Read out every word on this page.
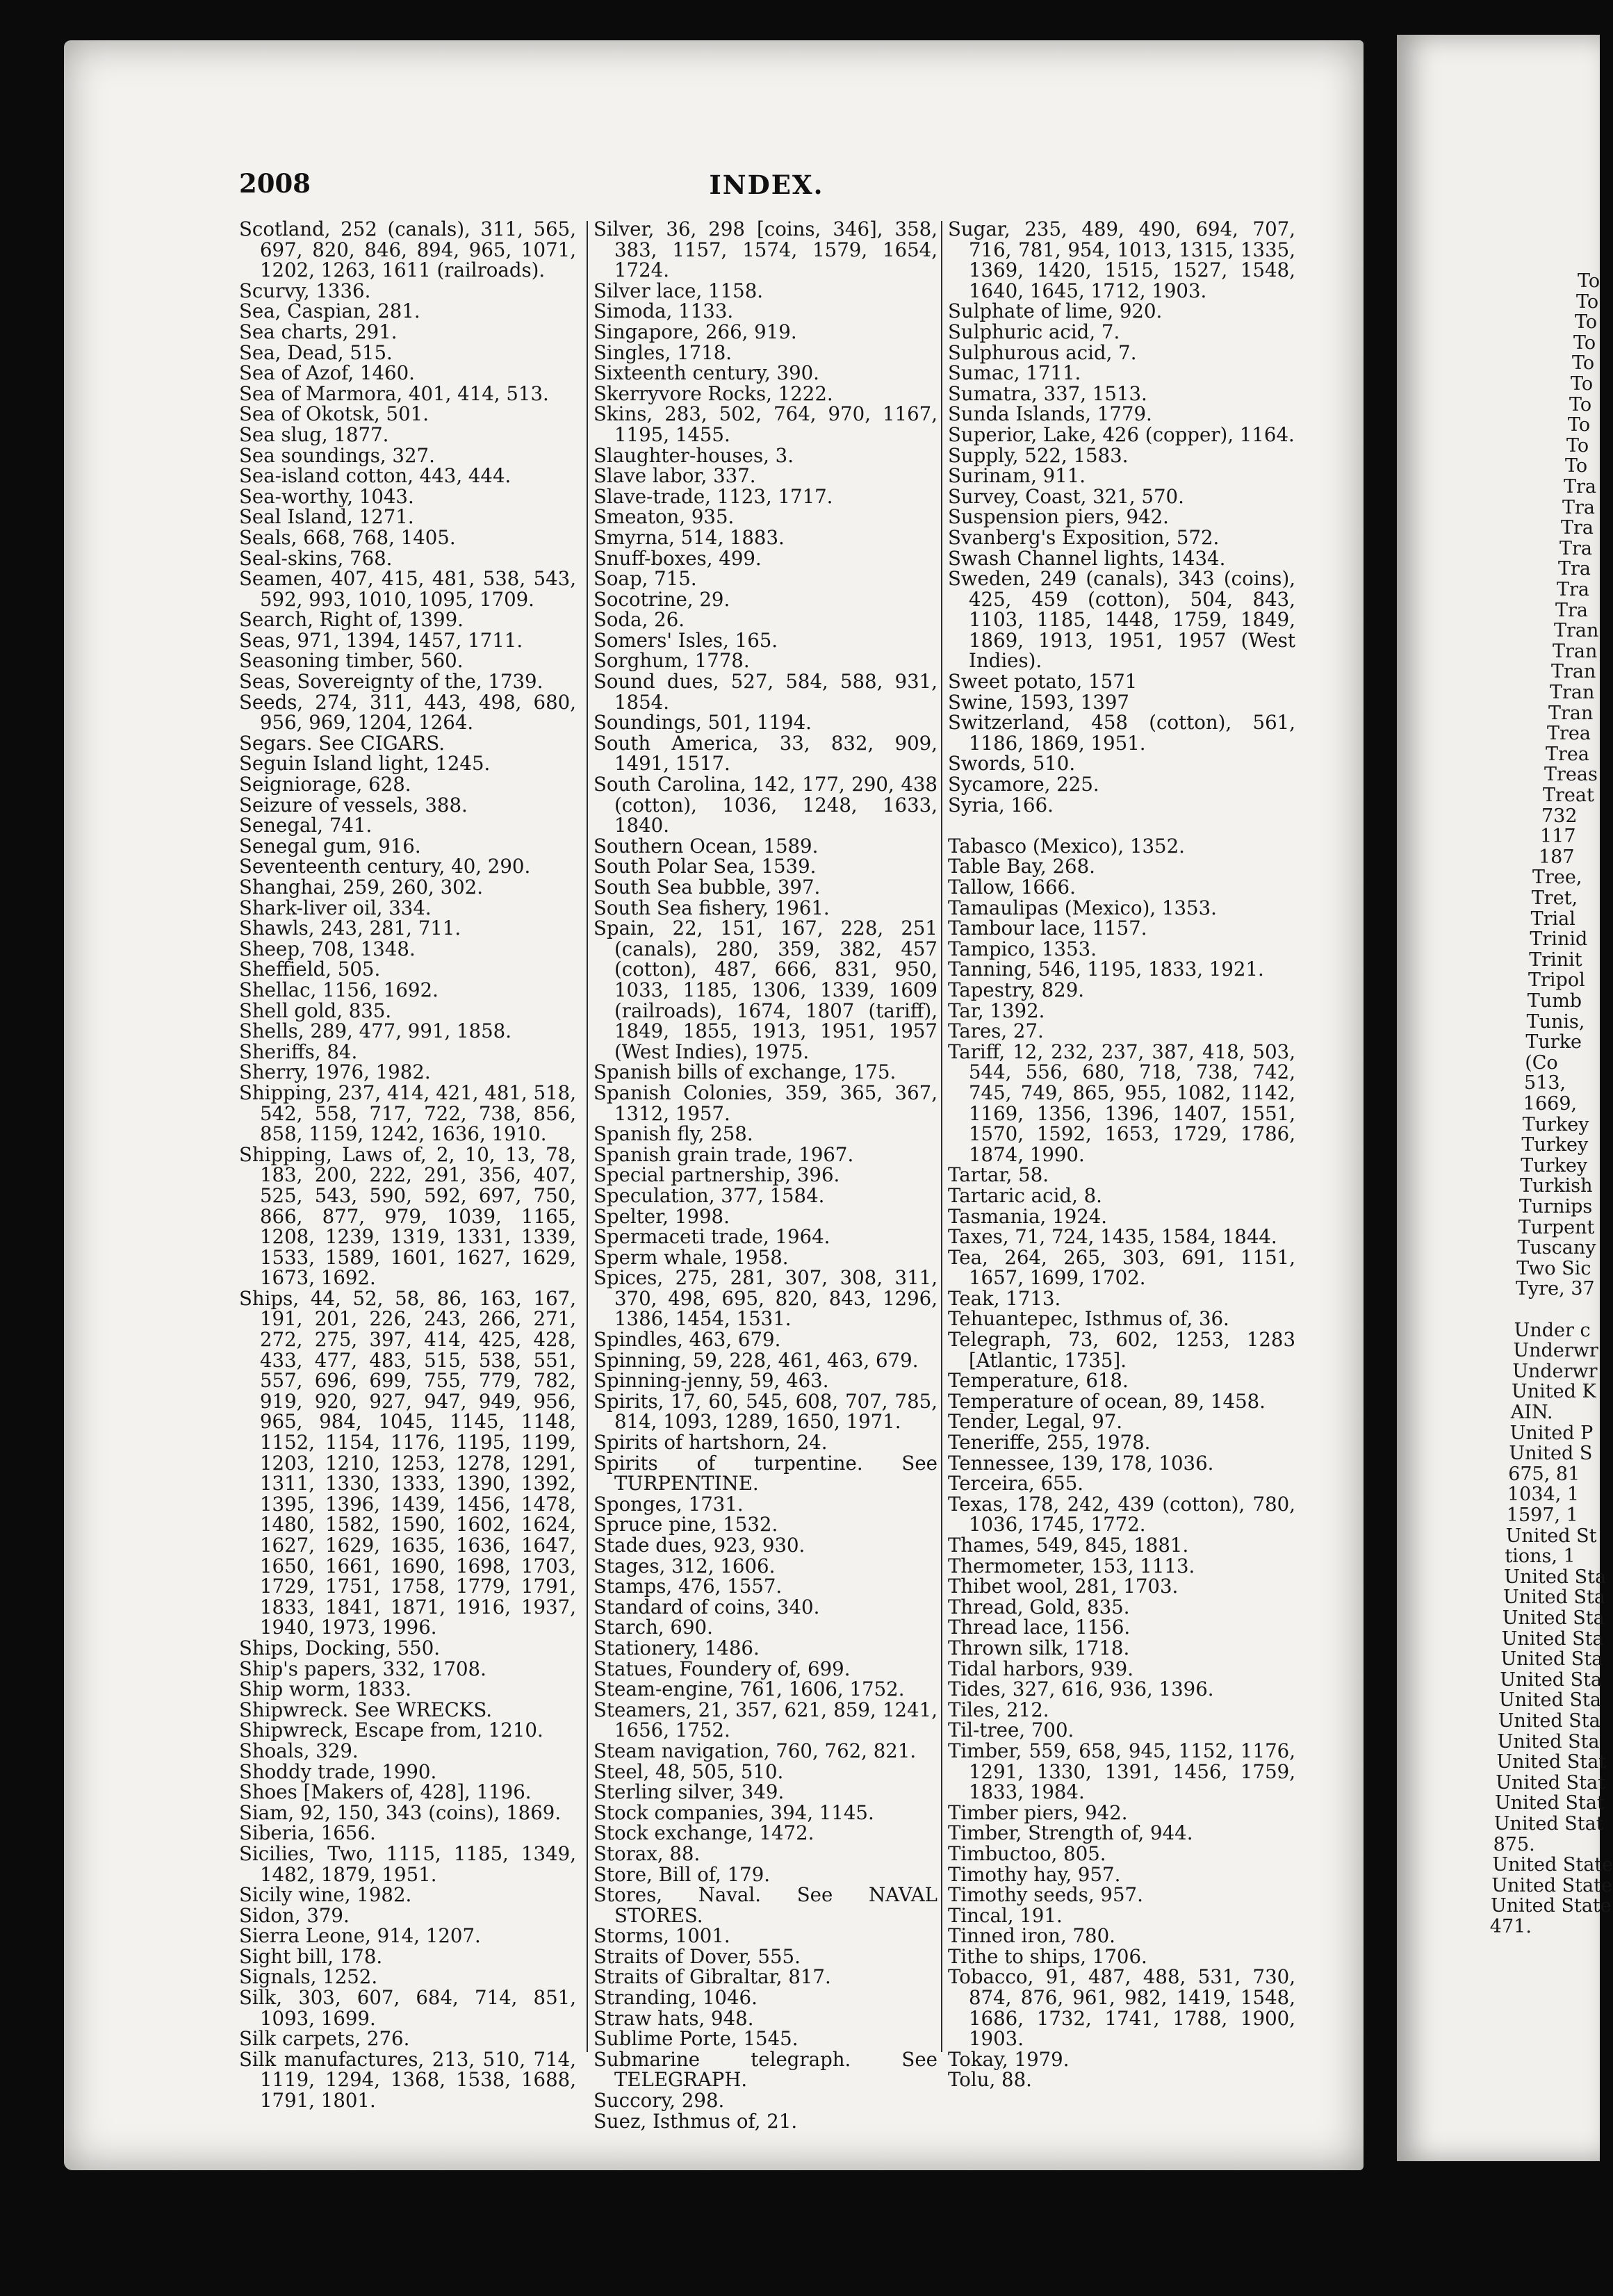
To
To
To
To
To
To
To
To
To
To
Tra
Tra
Tra
Tra
Tra
Tra
Tra
Tran
Tran
Tran
Tran
Tran
Trea
Trea
Treas
Treat
732
117
187
Tree,
Tret,
Trial
Trinid
Trinit
Tripol
Tumb
Tunis,
Turke
(Co
513,
1669,
Turkey
Turkey
Turkey
Turkish
Turnips
Turpent
Tuscany
Two Sic
Tyre, 37
Under c
Underwr
Underwr
United K
AIN.
United P
United S
675, 81
1034, 1
1597, 1
United St
tions, 1
United Sta
United Sta
United Sta
United Sta
United Sta
United Sta
United Sta
United Sta
United Sta
United Stat
United Stat
United Stat
United Stat
875.
United State
United State
United State
471.
2008	INDEX.

Scotland, 252 (canals), 311, 565, 697, 820, 846, 894, 965, 1071, 1202, 1263, 1611 (railroads).

Scurvy, 1336.

Sea, Caspian, 281.

Sea charts, 291.

Sea, Dead, 515.

Sea of Azof, 1460.

Sea of Marmora, 401, 414, 513.

Sea of Okotsk, 501.

Sea slug, 1877.

Sea soundings, 327.

Sea-island cotton, 443, 444.

Sea-worthy, 1043.

Seal Island, 1271.

Seals, 668, 768, 1405.

Seal-skins, 768.

Seamen, 407, 415, 481, 538, 543, 592, 993, 1010, 1095, 1709.

Search, Right of, 1399.

Seas, 971, 1394, 1457, 1711.

Seasoning timber, 560.

Seas, Sovereignty of the, 1739.

Seeds, 274, 311, 443, 498, 680, 956, 969, 1204, 1264.

Segars. See CIGARS.

Seguin Island light, 1245.

Seigniorage, 628.

Seizure of vessels, 388.

Senegal, 741.

Senegal gum, 916.

Seventeenth century, 40, 290.

Shanghai, 259, 260, 302.

Shark-liver oil, 334.

Shawls, 243, 281, 711.

Sheep, 708, 1348.

Sheffield, 505.

Shellac, 1156, 1692.

Shell gold, 835.

Shells, 289, 477, 991, 1858.

Sheriffs, 84.

Sherry, 1976, 1982.

Shipping, 237, 414, 421, 481, 518, 542, 558, 717, 722, 738, 856, 858, 1159, 1242, 1636, 1910.

Shipping, Laws of, 2, 10, 13, 78, 183, 200, 222, 291, 356, 407, 525, 543, 590, 592, 697, 750, 866, 877, 979, 1039, 1165, 1208, 1239, 1319, 1331, 1339, 1533, 1589, 1601, 1627, 1629, 1673, 1692.

Ships, 44, 52, 58, 86, 163, 167, 191, 201, 226, 243, 266, 271, 272, 275, 397, 414, 425, 428, 433, 477, 483, 515, 538, 551, 557, 696, 699, 755, 779, 782, 919, 920, 927, 947, 949, 956, 965, 984, 1045, 1145, 1148, 1152, 1154, 1176, 1195, 1199, 1203, 1210, 1253, 1278, 1291, 1311, 1330, 1333, 1390, 1392, 1395, 1396, 1439, 1456, 1478, 1480, 1582, 1590, 1602, 1624, 1627, 1629, 1635, 1636, 1647, 1650, 1661, 1690, 1698, 1703, 1729, 1751, 1758, 1779, 1791, 1833, 1841, 1871, 1916, 1937, 1940, 1973, 1996.

Ships, Docking, 550.

Ship's papers, 332, 1708.

Ship worm, 1833.

Shipwreck. See WRECKS.

Shipwreck, Escape from, 1210.

Shoals, 329.

Shoddy trade, 1990.

Shoes [Makers of, 428], 1196.

Siam, 92, 150, 343 (coins), 1869.

Siberia, 1656.

Sicilies, Two, 1115, 1185, 1349, 1482, 1879, 1951.

Sicily wine, 1982.

Sidon, 379.

Sierra Leone, 914, 1207.

Sight bill, 178.

Signals, 1252.

Silk, 303, 607, 684, 714, 851, 1093, 1699.

Silk carpets, 276.

Silk manufactures, 213, 510, 714, 1119, 1294, 1368, 1538, 1688, 1791, 1801.

Silver, 36, 298 [coins, 346], 358, 383, 1157, 1574, 1579, 1654, 1724.

Silver lace, 1158.

Simoda, 1133.

Singapore, 266, 919.

Singles, 1718.

Sixteenth century, 390.

Skerryvore Rocks, 1222.

Skins, 283, 502, 764, 970, 1167, 1195, 1455.

Slaughter-houses, 3.

Slave labor, 337.

Slave-trade, 1123, 1717.

Smeaton, 935.

Smyrna, 514, 1883.

Snuff-boxes, 499.

Soap, 715.

Socotrine, 29.

Soda, 26.

Somers' Isles, 165.

Sorghum, 1778.

Sound dues, 527, 584, 588, 931, 1854.

Soundings, 501, 1194.

South America, 33, 832, 909, 1491, 1517.

South Carolina, 142, 177, 290, 438 (cotton), 1036, 1248, 1633, 1840.

Southern Ocean, 1589.

South Polar Sea, 1539.

South Sea bubble, 397.

South Sea fishery, 1961.

Spain, 22, 151, 167, 228, 251 (canals), 280, 359, 382, 457 (cotton), 487, 666, 831, 950, 1033, 1185, 1306, 1339, 1609 (railroads), 1674, 1807 (tariff), 1849, 1855, 1913, 1951, 1957 (West Indies), 1975.

Spanish bills of exchange, 175.

Spanish Colonies, 359, 365, 367, 1312, 1957.

Spanish fly, 258.

Spanish grain trade, 1967.

Special partnership, 396.

Speculation, 377, 1584.

Spelter, 1998.

Spermaceti trade, 1964.

Sperm whale, 1958.

Spices, 275, 281, 307, 308, 311, 370, 498, 695, 820, 843, 1296, 1386, 1454, 1531.

Spindles, 463, 679.

Spinning, 59, 228, 461, 463, 679.

Spinning-jenny, 59, 463.

Spirits, 17, 60, 545, 608, 707, 785, 814, 1093, 1289, 1650, 1971.

Spirits of hartshorn, 24.

Spirits of turpentine. See TURPENTINE.

Sponges, 1731.

Spruce pine, 1532.

Stade dues, 923, 930.

Stages, 312, 1606.

Stamps, 476, 1557.

Standard of coins, 340.

Starch, 690.

Stationery, 1486.

Statues, Foundery of, 699.

Steam-engine, 761, 1606, 1752.

Steamers, 21, 357, 621, 859, 1241, 1656, 1752.

Steam navigation, 760, 762, 821.

Steel, 48, 505, 510.

Sterling silver, 349.

Stock companies, 394, 1145.

Stock exchange, 1472.

Storax, 88.

Store, Bill of, 179.

Stores, Naval. See NAVAL STORES.

Storms, 1001.

Straits of Dover, 555.

Straits of Gibraltar, 817.

Stranding, 1046.

Straw hats, 948.

Sublime Porte, 1545.

Submarine telegraph. See TELEGRAPH.

Succory, 298.

Suez, Isthmus of, 21.

Sugar, 235, 489, 490, 694, 707, 716, 781, 954, 1013, 1315, 1335, 1369, 1420, 1515, 1527, 1548, 1640, 1645, 1712, 1903.

Sulphate of lime, 920.

Sulphuric acid, 7.

Sulphurous acid, 7.

Sumac, 1711.

Sumatra, 337, 1513.

Sunda Islands, 1779.

Superior, Lake, 426 (copper), 1164.

Supply, 522, 1583.

Surinam, 911.

Survey, Coast, 321, 570.

Suspension piers, 942.

Svanberg's Exposition, 572.

Swash Channel lights, 1434.

Sweden, 249 (canals), 343 (coins), 425, 459 (cotton), 504, 843, 1103, 1185, 1448, 1759, 1849, 1869, 1913, 1951, 1957 (West Indies).

Sweet potato, 1571

Swine, 1593, 1397

Switzerland, 458 (cotton), 561, 1186, 1869, 1951.

Swords, 510.

Sycamore, 225.

Syria, 166.

Tabasco (Mexico), 1352.

Table Bay, 268.

Tallow, 1666.

Tamaulipas (Mexico), 1353.

Tambour lace, 1157.

Tampico, 1353.

Tanning, 546, 1195, 1833, 1921.

Tapestry, 829.

Tar, 1392.

Tares, 27.

Tariff, 12, 232, 237, 387, 418, 503, 544, 556, 680, 718, 738, 742, 745, 749, 865, 955, 1082, 1142, 1169, 1356, 1396, 1407, 1551, 1570, 1592, 1653, 1729, 1786, 1874, 1990.

Tartar, 58.

Tartaric acid, 8.

Tasmania, 1924.

Taxes, 71, 724, 1435, 1584, 1844.

Tea, 264, 265, 303, 691, 1151, 1657, 1699, 1702.

Teak, 1713.

Tehuantepec, Isthmus of, 36.

Telegraph, 73, 602, 1253, 1283 [Atlantic, 1735].

Temperature, 618.

Temperature of ocean, 89, 1458.

Tender, Legal, 97.

Teneriffe, 255, 1978.

Tennessee, 139, 178, 1036.

Terceira, 655.

Texas, 178, 242, 439 (cotton), 780, 1036, 1745, 1772.

Thames, 549, 845, 1881.

Thermometer, 153, 1113.

Thibet wool, 281, 1703.

Thread, Gold, 835.

Thread lace, 1156.

Thrown silk, 1718.

Tidal harbors, 939.

Tides, 327, 616, 936, 1396.

Tiles, 212.

Til-tree, 700.

Timber, 559, 658, 945, 1152, 1176, 1291, 1330, 1391, 1456, 1759, 1833, 1984.

Timber piers, 942.

Timber, Strength of, 944.

Timbuctoo, 805.

Timothy hay, 957.

Timothy seeds, 957.

Tincal, 191.

Tinned iron, 780.

Tithe to ships, 1706.

Tobacco, 91, 487, 488, 531, 730, 874, 876, 961, 982, 1419, 1548, 1686, 1732, 1741, 1788, 1900, 1903.

Tokay, 1979.

Tolu, 88.
